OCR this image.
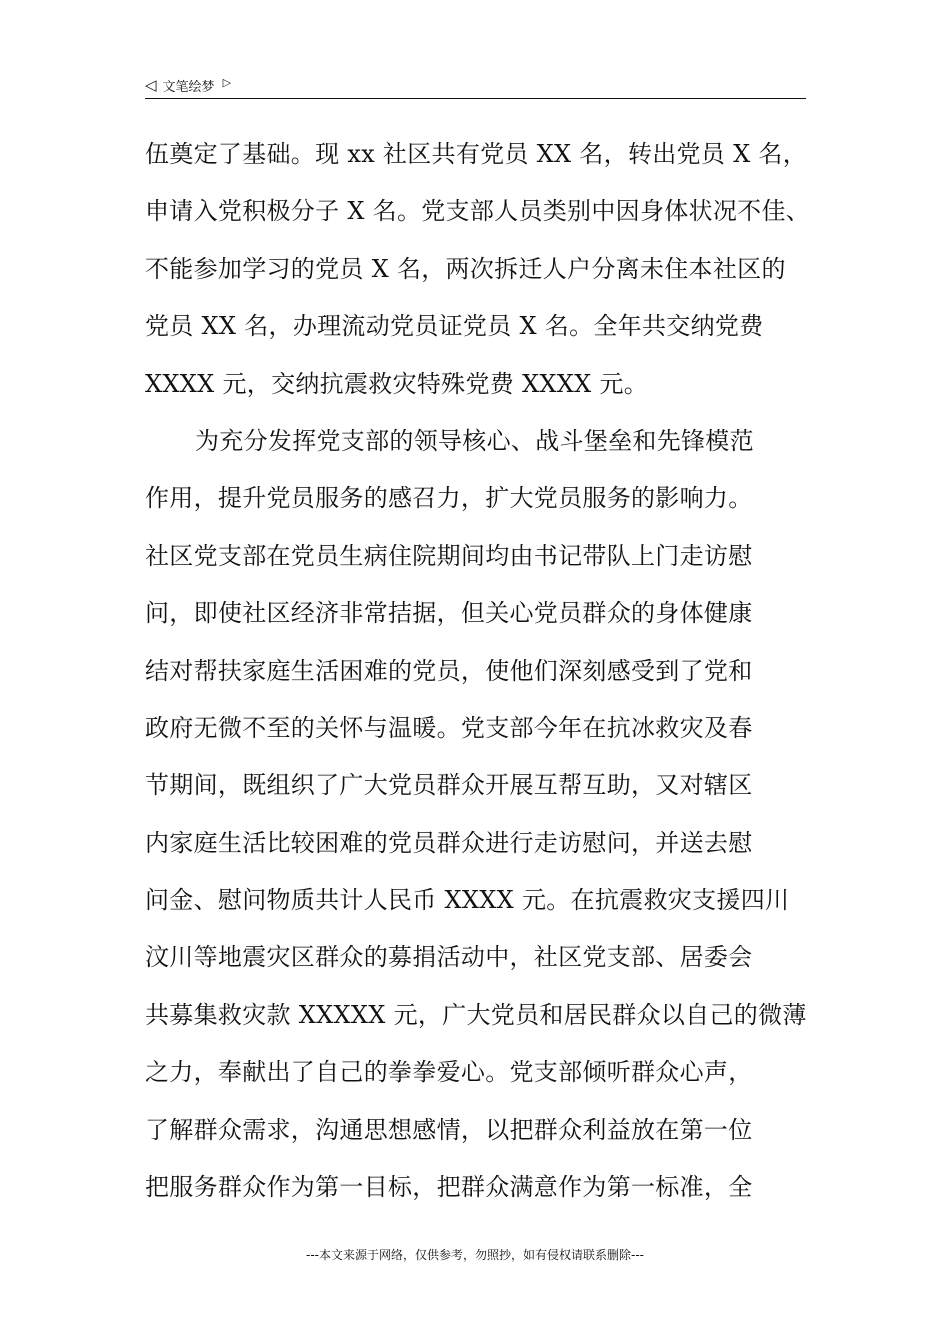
◁ 文笔绘梦 ▷
伍奠定了基础。现 xx 社区共有党员 XX 名，转出党员 X 名，
申请入党积极分子 X 名。党支部人员类别中因身体状况不佳、
不能参加学习的党员 X 名，两次拆迁人户分离未住本社区的
党员 XX 名，办理流动党员证党员 X 名。全年共交纳党费
XXXX 元，交纳抗震救灾特殊党费 XXXX 元。
为充分发挥党支部的领导核心、战斗堡垒和先锋模范
作用，提升党员服务的感召力，扩大党员服务的影响力。
社区党支部在党员生病住院期间均由书记带队上门走访慰
问，即使社区经济非常拮据，但关心党员群众的身体健康
结对帮扶家庭生活困难的党员，使他们深刻感受到了党和
政府无微不至的关怀与温暖。党支部今年在抗冰救灾及春
节期间，既组织了广大党员群众开展互帮互助，又对辖区
内家庭生活比较困难的党员群众进行走访慰问，并送去慰
问金、慰问物质共计人民币 XXXX 元。在抗震救灾支援四川
汶川等地震灾区群众的募捐活动中，社区党支部、居委会
共募集救灾款 XXXXX 元，广大党员和居民群众以自己的微薄
之力，奉献出了自己的拳拳爱心。党支部倾听群众心声，
了解群众需求，沟通思想感情，以把群众利益放在第一位
把服务群众作为第一目标，把群众满意作为第一标准，全
---本文来源于网络，仅供参考，勿照抄，如有侵权请联系删除---
